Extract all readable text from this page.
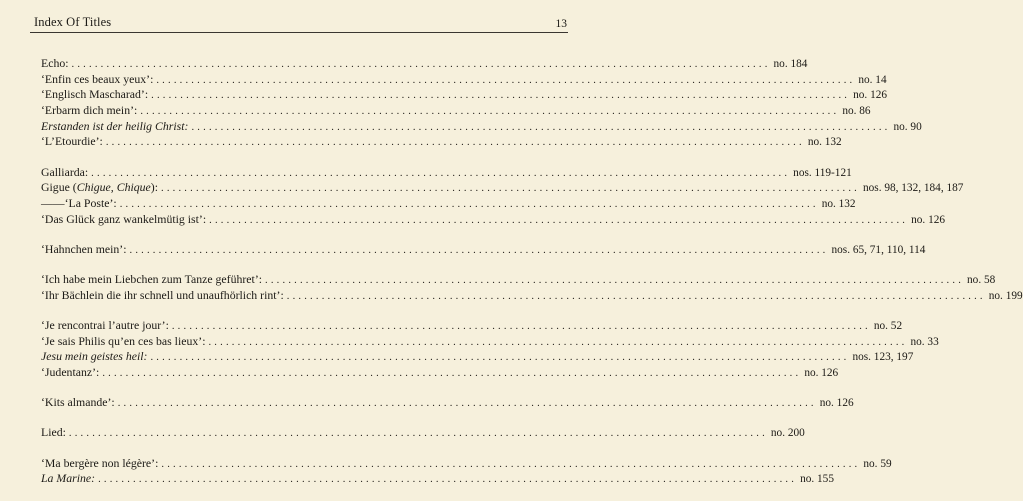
Index Of Titles	13
Echo: ........................................................................................................................ no. 184
‘Enfin ces beaux yeux’: ........................................................................................................................ no. 14
‘Englisch Mascharad’: ........................................................................................................................ no. 126
‘Erbarm dich mein’: ........................................................................................................................ no. 86
Erstanden ist der heilig Christ: ........................................................................................................................ no. 90
‘L’Etourdie’: ........................................................................................................................ no. 132
Galliarda: ........................................................................................................................ nos. 119-121
Gigue (Chigue, Chique): ........................................................................................................................ nos. 98, 132, 184, 187
——‘La Poste’: ........................................................................................................................ no. 132
‘Das Glück ganz wankelmütig ist’: ........................................................................................................................ no. 126
‘Hahnchen mein’: ........................................................................................................................ nos. 65, 71, 110, 114
‘Ich habe mein Liebchen zum Tanze geführet’: ........................................................................................................................ no. 58
‘Ihr Bächlein die ihr schnell und unaufhörlich rint’: ........................................................................................................................ no. 199
‘Je rencontrai l’autre jour’: ........................................................................................................................ no. 52
‘Je sais Philis qu’en ces bas lieux’: ........................................................................................................................ no. 33
Jesu mein geistes heil: ........................................................................................................................ nos. 123, 197
‘Judentanz’: ........................................................................................................................ no. 126
‘Kits almande’: ........................................................................................................................ no. 126
Lied: ........................................................................................................................ no. 200
‘Ma bergère non légère’: ........................................................................................................................ no. 59
La Marine: ........................................................................................................................ no. 155
